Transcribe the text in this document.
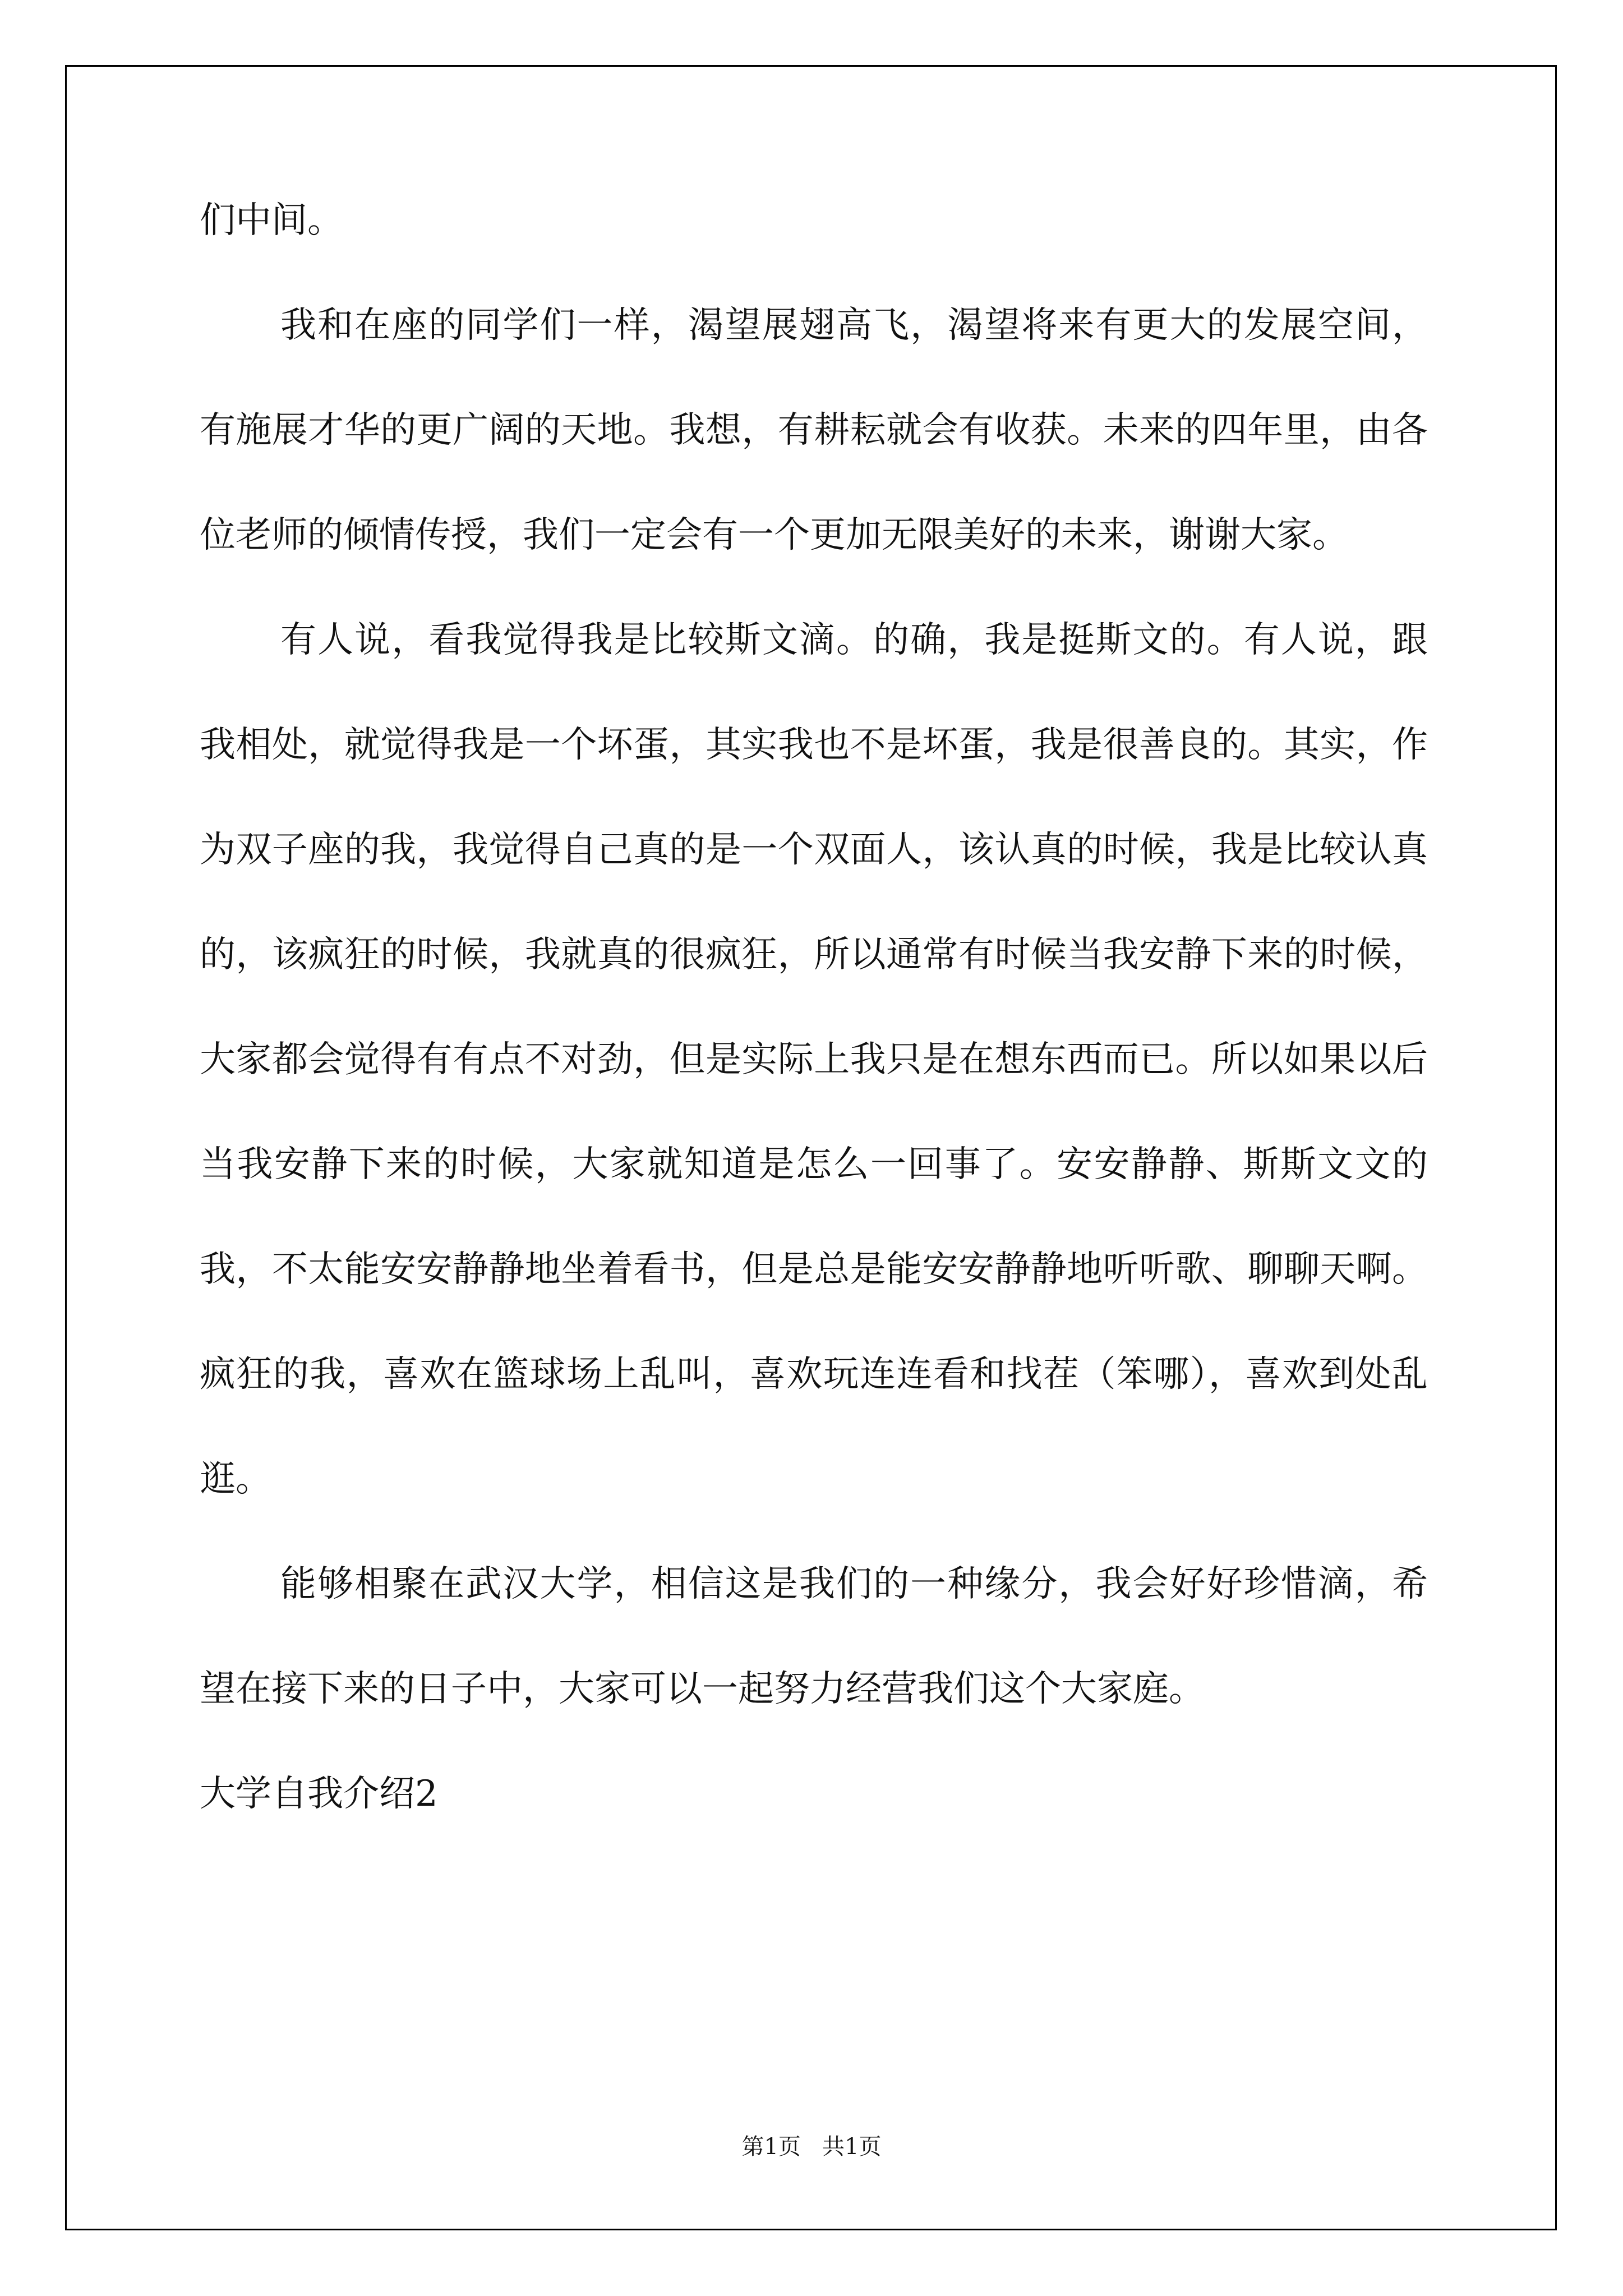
们中间。

我和在座的同学们一样，渴望展翅高飞，渴望将来有更大的发展空间，有施展才华的更广阔的天地。我想，有耕耘就会有收获。未来的四年里，由各位老师的倾情传授，我们一定会有一个更加无限美好的未来，谢谢大家。

有人说，看我觉得我是比较斯文滴。的确，我是挺斯文的。有人说，跟我相处，就觉得我是一个坏蛋，其实我也不是坏蛋，我是很善良的。其实，作为双子座的我，我觉得自己真的是一个双面人，该认真的时候，我是比较认真的，该疯狂的时候，我就真的很疯狂，所以通常有时候当我安静下来的时候，大家都会觉得有有点不对劲，但是实际上我只是在想东西而已。所以如果以后当我安静下来的时候，大家就知道是怎么一回事了。安安静静、斯斯文文的我，不太能安安静静地坐着看书，但是总是能安安静静地听听歌、聊聊天啊。疯狂的我，喜欢在篮球场上乱叫，喜欢玩连连看和找茬（笨哪），喜欢到处乱逛。

能够相聚在武汉大学，相信这是我们的一种缘分，我会好好珍惜滴，希望在接下来的日子中，大家可以一起努力经营我们这个大家庭。

大学自我介绍2

第1页   共1页
